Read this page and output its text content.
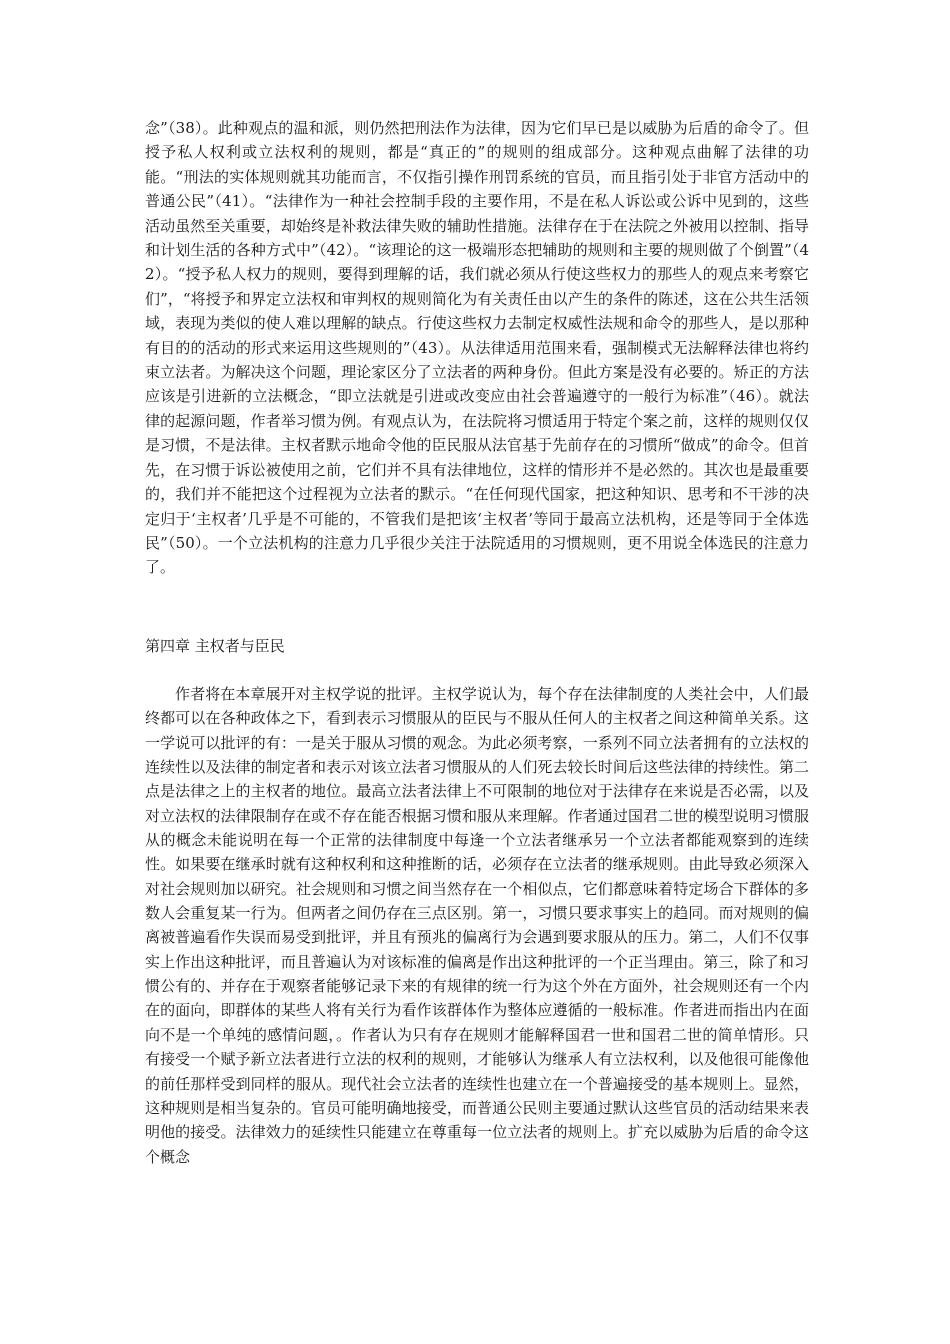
念”（38）。此种观点的温和派，则仍然把刑法作为法律，因为它们早已是以威胁为后盾的命令了。但授予私人权利或立法权利的规则，都是“真正的”的规则的组成部分。这种观点曲解了法律的功能。“刑法的实体规则就其功能而言，不仅指引操作刑罚系统的官员，而且指引处于非官方活动中的普通公民”（41）。“法律作为一种社会控制手段的主要作用，不是在私人诉讼或公诉中见到的，这些活动虽然至关重要，却始终是补救法律失败的辅助性措施。法律存在于在法院之外被用以控制、指导和计划生活的各种方式中”（42）。“该理论的这一极端形态把辅助的规则和主要的规则做了个倒置”（42）。“授予私人权力的规则，要得到理解的话，我们就必须从行使这些权力的那些人的观点来考察它们”，“将授予和界定立法权和审判权的规则简化为有关责任由以产生的条件的陈述，这在公共生活领域，表现为类似的使人难以理解的缺点。行使这些权力去制定权威性法规和命令的那些人，是以那种有目的的活动的形式来运用这些规则的”（43）。从法律适用范围来看，强制模式无法解释法律也将约束立法者。为解决这个问题，理论家区分了立法者的两种身份。但此方案是没有必要的。矫正的方法应该是引进新的立法概念，“即立法就是引进或改变应由社会普遍遵守的一般行为标准”（46）。就法律的起源问题，作者举习惯为例。有观点认为，在法院将习惯适用于特定个案之前，这样的规则仅仅是习惯，不是法律。主权者默示地命令他的臣民服从法官基于先前存在的习惯所“做成”的命令。但首先，在习惯于诉讼被使用之前，它们并不具有法律地位，这样的情形并不是必然的。其次也是最重要的，我们并不能把这个过程视为立法者的默示。“在任何现代国家，把这种知识、思考和不干涉的决定归于‘主权者’几乎是不可能的，不管我们是把该‘主权者’等同于最高立法机构，还是等同于全体选民”（50）。一个立法机构的注意力几乎很少关注于法院适用的习惯规则，更不用说全体选民的注意力了。

第四章 主权者与臣民

作者将在本章展开对主权学说的批评。主权学说认为，每个存在法律制度的人类社会中，人们最终都可以在各种政体之下，看到表示习惯服从的臣民与不服从任何人的主权者之间这种简单关系。这一学说可以批评的有：一是关于服从习惯的观念。为此必须考察，一系列不同立法者拥有的立法权的连续性以及法律的制定者和表示对该立法者习惯服从的人们死去较长时间后这些法律的持续性。第二点是法律之上的主权者的地位。最高立法者法律上不可限制的地位对于法律存在来说是否必需，以及对立法权的法律限制存在或不存在能否根据习惯和服从来理解。作者通过国君二世的模型说明习惯服从的概念未能说明在每一个正常的法律制度中每逢一个立法者继承另一个立法者都能观察到的连续性。如果要在继承时就有这种权利和这种推断的话，必须存在立法者的继承规则。由此导致必须深入对社会规则加以研究。社会规则和习惯之间当然存在一个相似点，它们都意味着特定场合下群体的多数人会重复某一行为。但两者之间仍存在三点区别。第一，习惯只要求事实上的趋同。而对规则的偏离被普遍看作失误而易受到批评，并且有预兆的偏离行为会遇到要求服从的压力。第二，人们不仅事实上作出这种批评，而且普遍认为对该标准的偏离是作出这种批评的一个正当理由。第三，除了和习惯公有的、并存在于观察者能够记录下来的有规律的统一行为这个外在方面外，社会规则还有一个内在的面向，即群体的某些人将有关行为看作该群体作为整体应遵循的一般标准。作者进而指出内在面向不是一个单纯的感情问题，。作者认为只有存在规则才能解释国君一世和国君二世的简单情形。只有接受一个赋予新立法者进行立法的权利的规则，才能够认为继承人有立法权利，以及他很可能像他的前任那样受到同样的服从。现代社会立法者的连续性也建立在一个普遍接受的基本规则上。显然，这种规则是相当复杂的。官员可能明确地接受，而普通公民则主要通过默认这些官员的活动结果来表明他的接受。法律效力的延续性只能建立在尊重每一位立法者的规则上。扩充以威胁为后盾的命令这个概念
